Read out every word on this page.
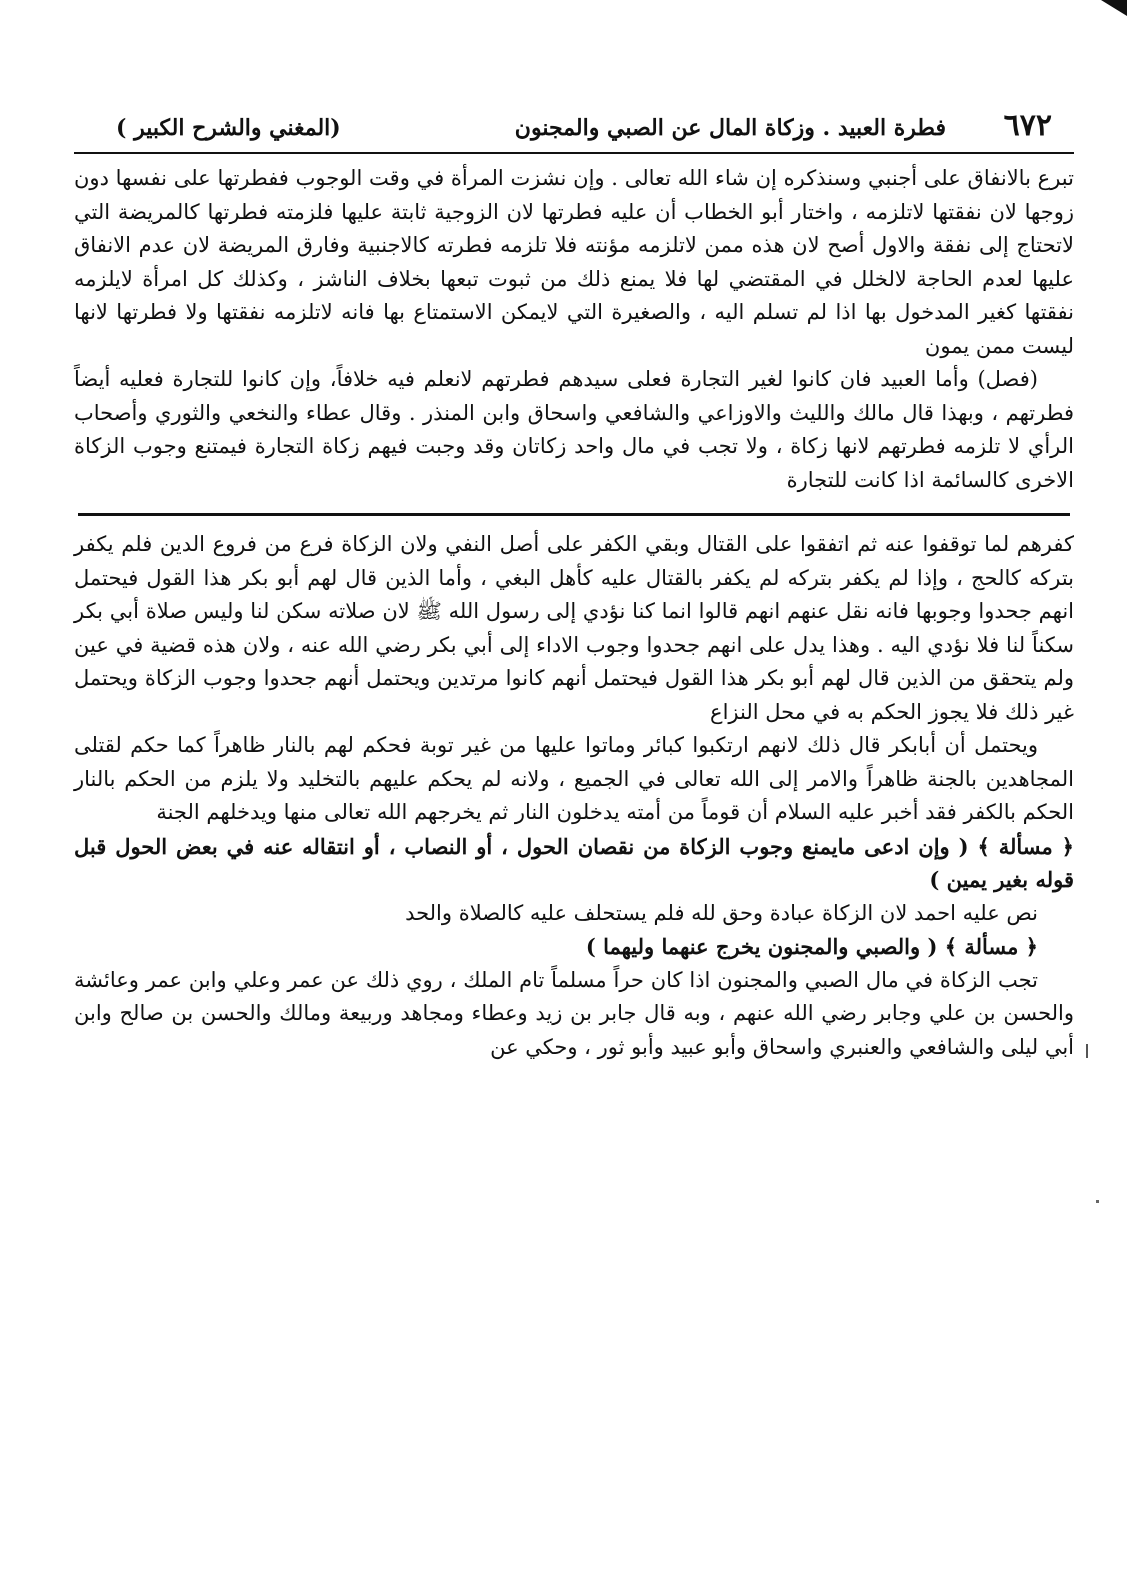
٦٧٢
فطرة العبيد . وزكاة المال عن الصبي والمجنون
(المغني والشرح الكبير )

تبرع بالانفاق على أجنبي وسنذكره إن شاء الله تعالى . وإن نشزت المرأة في وقت الوجوب ففطرتها على نفسها دون زوجها لان نفقتها لاتلزمه ، واختار أبو الخطاب أن عليه فطرتها لان الزوجية ثابتة عليها فلزمته فطرتها كالمريضة التي لاتحتاج إلى نفقة والاول أصح لان هذه ممن لاتلزمه مؤنته فلا تلزمه فطرته كالاجنبية وفارق المريضة لان عدم الانفاق عليها لعدم الحاجة لالخلل في المقتضي لها فلا يمنع ذلك من ثبوت تبعها بخلاف الناشز ، وكذلك كل امرأة لايلزمه نفقتها كغير المدخول بها اذا لم تسلم اليه ، والصغيرة التي لايمكن الاستمتاع بها فانه لاتلزمه نفقتها ولا فطرتها لانها ليست ممن يمون

(فصل) وأما العبيد فان كانوا لغير التجارة فعلى سيدهم فطرتهم لانعلم فيه خلافاً، وإن كانوا للتجارة فعليه أيضاً فطرتهم ، وبهذا قال مالك والليث والاوزاعي والشافعي واسحاق وابن المنذر . وقال عطاء والنخعي والثوري وأصحاب الرأي لا تلزمه فطرتهم لانها زكاة ، ولا تجب في مال واحد زكاتان وقد وجبت فيهم زكاة التجارة فيمتنع وجوب الزكاة الاخرى كالسائمة اذا كانت للتجارة

كفرهم لما توقفوا عنه ثم اتفقوا على القتال وبقي الكفر على أصل النفي ولان الزكاة فرع من فروع الدين فلم يكفر بتركه كالحج ، وإذا لم يكفر بتركه لم يكفر بالقتال عليه كأهل البغي ، وأما الذين قال لهم أبو بكر هذا القول فيحتمل انهم جحدوا وجوبها فانه نقل عنهم انهم قالوا انما كنا نؤدي إلى رسول الله ﷺ لان صلاته سكن لنا وليس صلاة أبي بكر سكناً لنا فلا نؤدي اليه . وهذا يدل على انهم جحدوا وجوب الاداء إلى أبي بكر رضي الله عنه ، ولان هذه قضية في عين ولم يتحقق من الذين قال لهم أبو بكر هذا القول فيحتمل أنهم كانوا مرتدين ويحتمل أنهم جحدوا وجوب الزكاة ويحتمل غير ذلك فلا يجوز الحكم به في محل النزاع

ويحتمل أن أبابكر قال ذلك لانهم ارتكبوا كبائر وماتوا عليها من غير توبة فحكم لهم بالنار ظاهراً كما حكم لقتلى المجاهدين بالجنة ظاهراً والامر إلى الله تعالى في الجميع ، ولانه لم يحكم عليهم بالتخليد ولا يلزم من الحكم بالنار الحكم بالكفر فقد أخبر عليه السلام أن قوماً من أمته يدخلون النار ثم يخرجهم الله تعالى منها ويدخلهم الجنة

﴿ مسألة ﴾ ( وإن ادعى مايمنع وجوب الزكاة من نقصان الحول ، أو النصاب ، أو انتقاله عنه في بعض الحول قبل قوله بغير يمين )

نص عليه احمد لان الزكاة عبادة وحق لله فلم يستحلف عليه كالصلاة والحد

﴿ مسألة ﴾ ( والصبي والمجنون يخرج عنهما وليهما )

تجب الزكاة في مال الصبي والمجنون اذا كان حراً مسلماً تام الملك ، روي ذلك عن عمر وعلي وابن عمر وعائشة والحسن بن علي وجابر رضي الله عنهم ، وبه قال جابر بن زيد وعطاء ومجاهد وربيعة ومالك والحسن بن صالح وابن أبي ليلى والشافعي والعنبري واسحاق وأبو عبيد وأبو ثور ، وحكي عن
